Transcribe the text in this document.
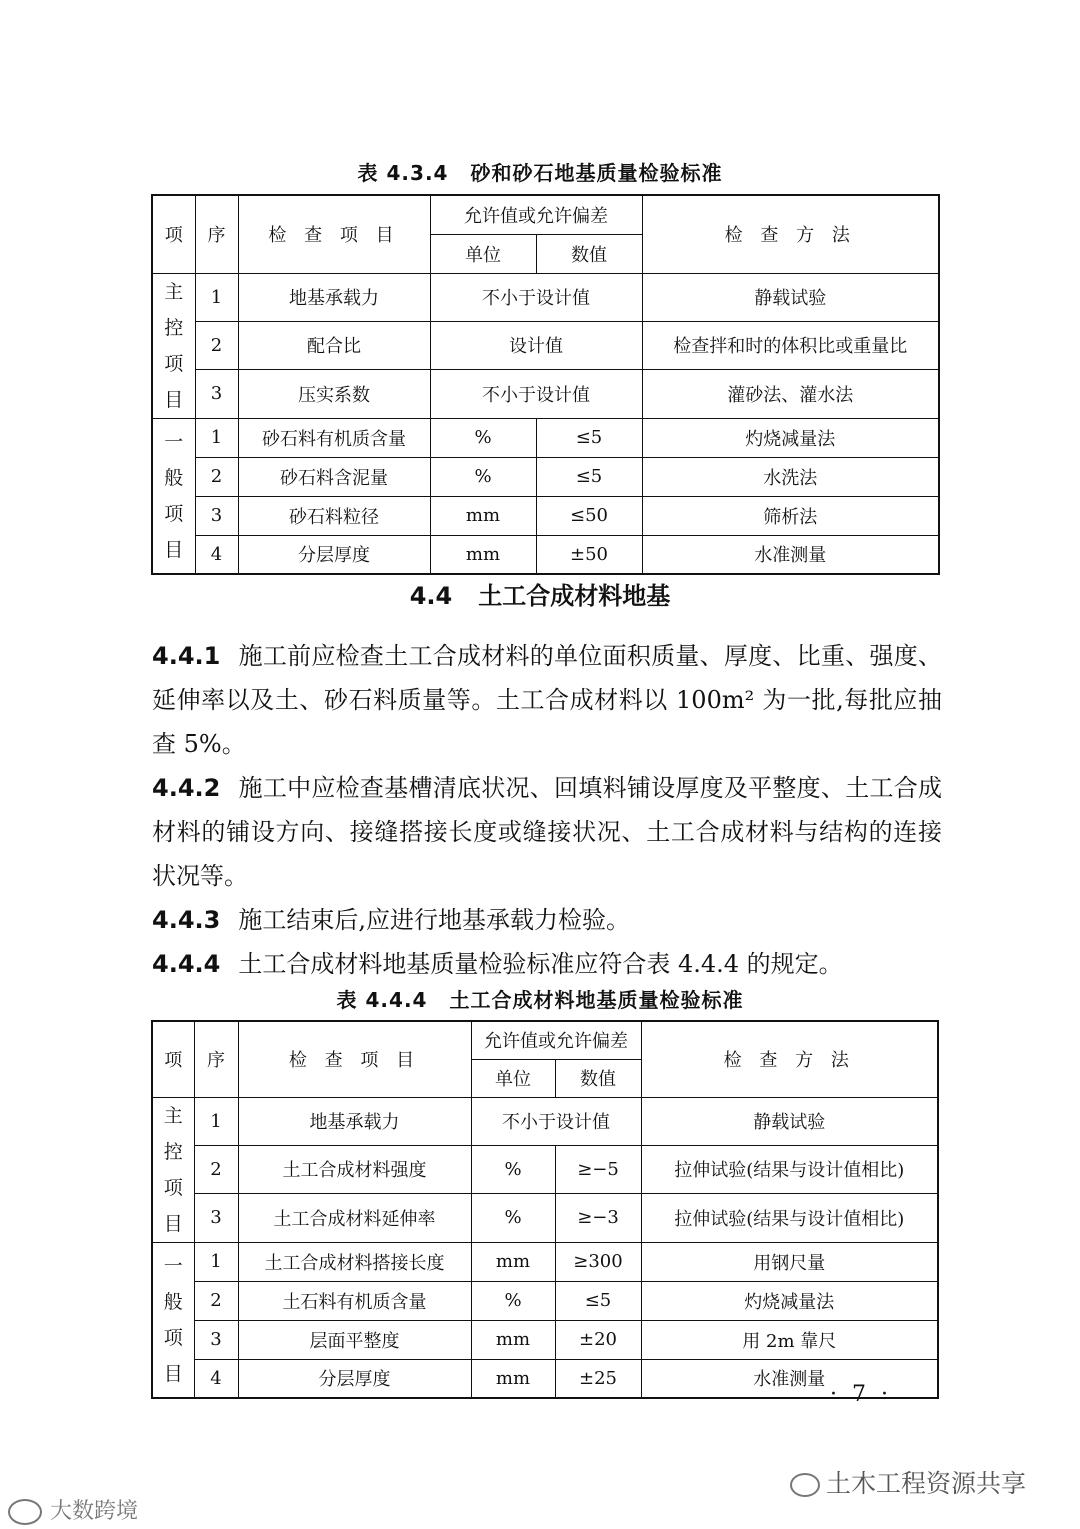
表 4.3.4 砂和砂石地基质量检验标准
项	序	检 查 项 目	允许值或允许偏差		检 查 方 法
			单位	数值	

主
控
项
目	1	地基承载力	不小于设计值		静载试验
	2	配合比	设计值		检查拌和时的体积比或重量比
	3	压实系数	不小于设计值		灌砂法、灌水法

一
般
项
目	1	砂石料有机质含量	%	≤5	灼烧减量法
	2	砂石料含泥量	%	≤5	水洗法
	3	砂石料粒径	mm	≤50	筛析法
	4	分层厚度	mm	±50	水准测量
4.4 土工合成材料地基

4.4.1 施工前应检查土工合成材料的单位面积质量、厚度、比重、强度、延伸率以及土、砂石料质量等。土工合成材料以 100m² 为一批,每批应抽查 5%。

4.4.2 施工中应检查基槽清底状况、回填料铺设厚度及平整度、土工合成材料的铺设方向、接缝搭接长度或缝接状况、土工合成材料与结构的连接状况等。

4.4.3 施工结束后,应进行地基承载力检验。

4.4.4 土工合成材料地基质量检验标准应符合表 4.4.4 的规定。

表 4.4.4 土工合成材料地基质量检验标准
项	序	检 查 项 目	允许值或允许偏差		检 查 方 法
			单位	数值	

主
控
项
目	1	地基承载力	不小于设计值		静载试验
	2	土工合成材料强度	%	≥−5	拉伸试验(结果与设计值相比)
	3	土工合成材料延伸率	%	≥−3	拉伸试验(结果与设计值相比)

一
般
项
目	1	土工合成材料搭接长度	mm	≥300	用钢尺量
	2	土石料有机质含量	%	≤5	灼烧减量法
	3	层面平整度	mm	±20	用 2m 靠尺
	4	分层厚度	mm	±25	水准测量
· 7 ·
土木工程资源共享
大数跨境
